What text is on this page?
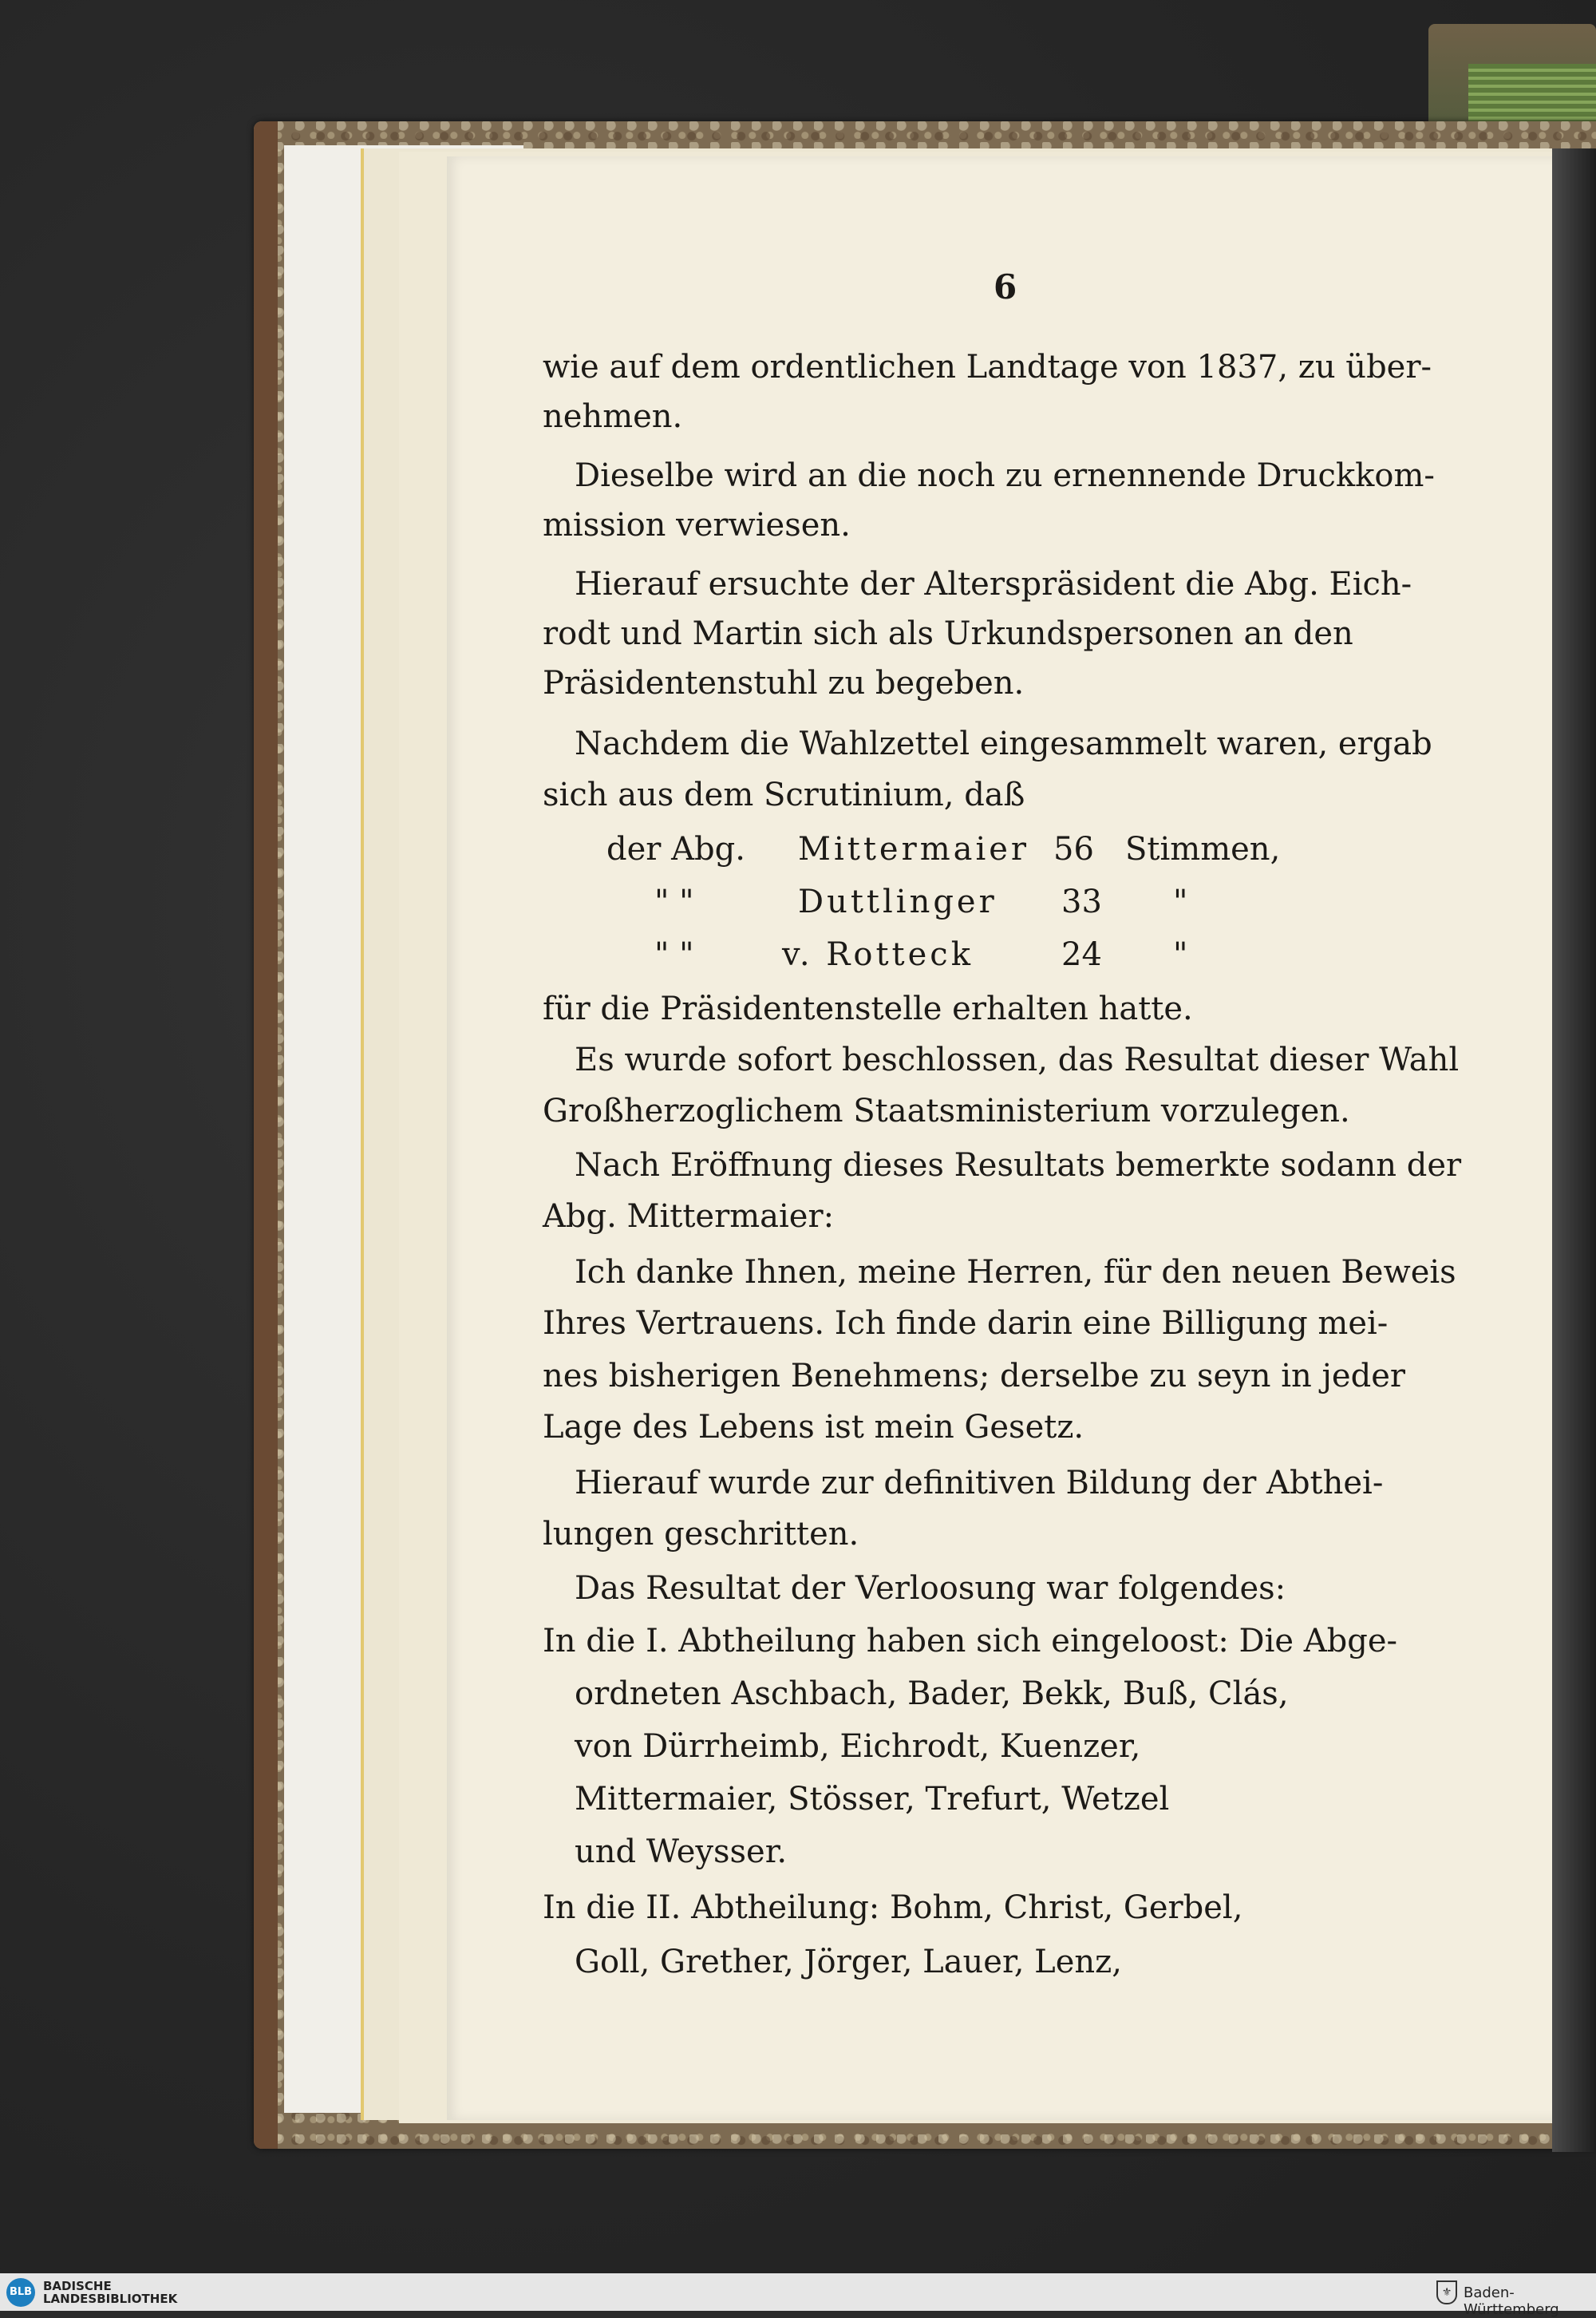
6
wie auf dem ordentlichen Landtage von 1837, zu über-
nehmen.
Dieselbe wird an die noch zu ernennende Druckkom-
mission verwiesen.
Hierauf ersuchte der Alterspräsident die Abg. Eich-
rodt und Martin sich als Urkundspersonen an den
Präsidentenstuhl zu begeben.
Nachdem die Wahlzettel eingesammelt waren, ergab
sich aus dem Scrutinium, daß
der Abg. Mittermaier 56 Stimmen,
" "	Duttlinger 33 "
" "	v. Rotteck	24 "
für die Präsidentenstelle erhalten hatte.
Es wurde sofort beschlossen, das Resultat dieser Wahl
Großherzoglichem Staatsministerium vorzulegen.
Nach Eröffnung dieses Resultats bemerkte sodann der
Abg. Mittermaier:
Ich danke Ihnen, meine Herren, für den neuen Beweis
Ihres Vertrauens. Ich finde darin eine Billigung mei-
nes bisherigen Benehmens; derselbe zu seyn in jeder
Lage des Lebens ist mein Gesetz.
Hierauf wurde zur definitiven Bildung der Abthei-
lungen geschritten.
Das Resultat der Verloosung war folgendes:
In die I. Abtheilung haben sich eingeloost: Die Abge-
ordneten Aschbach, Bader, Bekk, Buß, Clás,
von Dürrheimb, Eichrodt, Kuenzer,
Mittermaier, Stösser, Trefurt, Wetzel
und Weysser.
In die II. Abtheilung: Bohm, Christ, Gerbel,
Goll, Grether, Jörger, Lauer, Lenz,
BLB BADISCHE
LANDESBIBLIOTHEK	⚜ Baden-Württemberg
